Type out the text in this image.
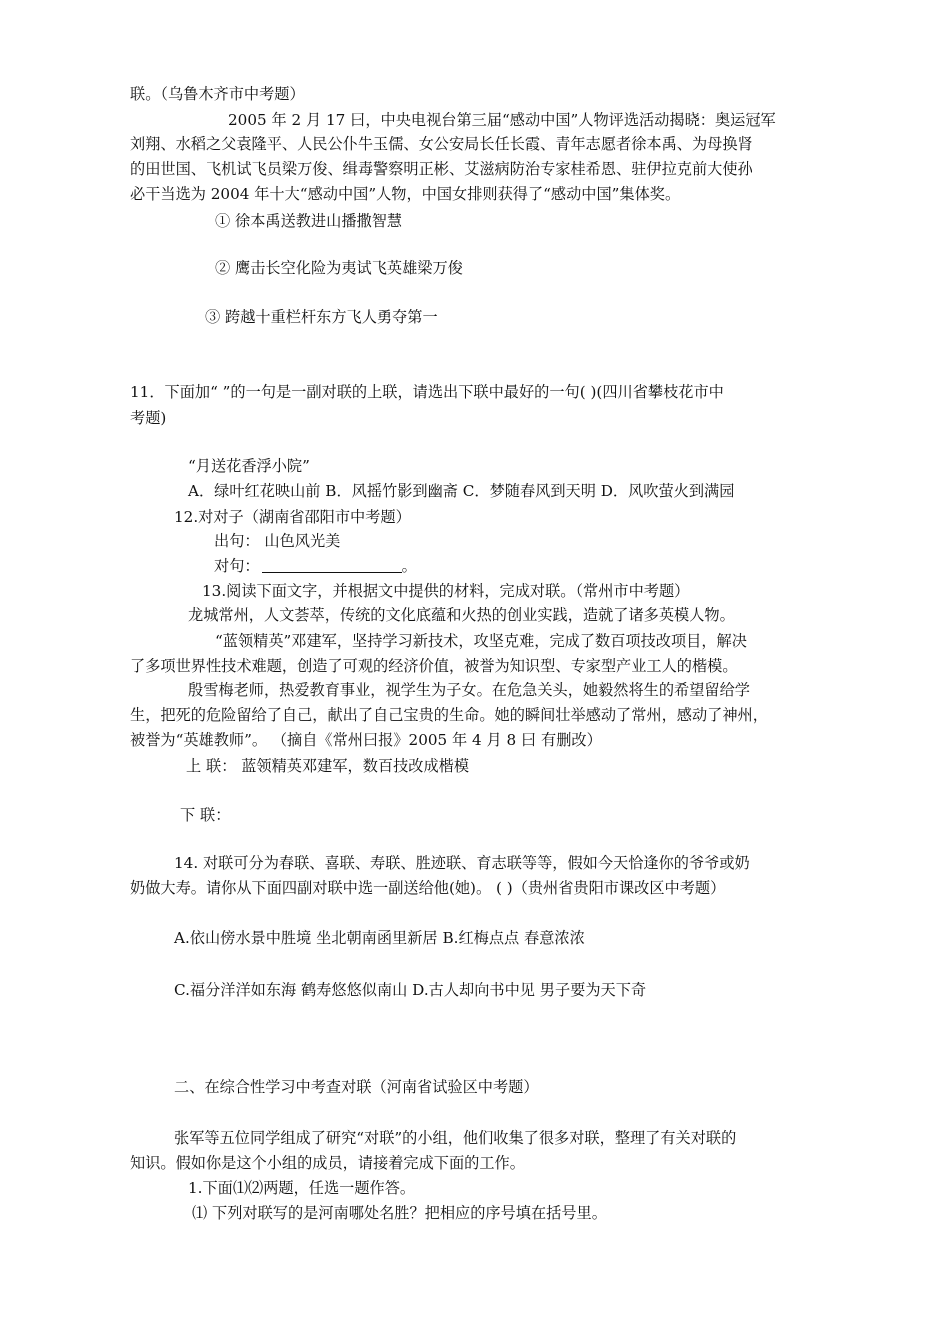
联。（乌鲁木齐市中考题）
2005 年 2 月 17 曰，中央电视台第三届“感动中国”人物评选活动揭晓：奥运冠军
刘翔、水稻之父袁隆平、人民公仆牛玉儒、女公安局长任长霞、青年志愿者徐本禹、为母换肾
的田世国、飞机试飞员梁万俊、缉毒警察明正彬、艾滋病防治专家桂希恩、驻伊拉克前大使孙
必干当选为 2004 年十大“感动中国”人物，中国女排则获得了“感动中国”集体奖。
① 徐本禹送教进山播撒智慧
② 鹰击长空化险为夷试飞英雄梁万俊
③ 跨越十重栏杆东方飞人勇夺第一
11．下面加“ ”的一句是一副对联的上联，请选出下联中最好的一句( )(四川省攀枝花市中
考题)
“月送花香浮小院”
A．绿叶红花映山前 B．风摇竹影到幽斋 C．梦随春风到天明 D．风吹萤火到满园
12.对对子（湖南省邵阳市中考题）
出句： 山色风光美
对句：	。
13.阅读下面文字，并根据文中提供的材料，完成对联。（常州市中考题）
龙城常州，人文荟萃，传统的文化底蕴和火热的创业实践，造就了诸多英模人物。
“蓝领精英”邓建军，坚持学习新技术，攻坚克难，完成了数百项技改项目，解决
了多项世界性技术难题，创造了可观的经济价值，被誉为知识型、专家型产业工人的楷模。
殷雪梅老师，热爱教育事业，视学生为子女。在危急关头，她毅然将生的希望留给学
生，把死的危险留给了自己，献出了自己宝贵的生命。她的瞬间壮举感动了常州，感动了神州，
被誉为“英雄教师”。 （摘自《常州曰报》2005 年 4 月 8 曰 有删改）
上 联： 蓝领精英邓建军，数百技改成楷模
下 联：
14. 对联可分为春联、喜联、寿联、胜迹联、育志联等等，假如今天恰逢你的爷爷或奶
奶做大寿。请你从下面四副对联中选一副送给他(她)。 ( )（贵州省贵阳市课改区中考题）
A.依山傍水景中胜境 坐北朝南函里新居 B.红梅点点 春意浓浓
C.福分洋洋如东海 鹤寿悠悠似南山 D.古人却向书中见 男子要为天下奇
二、在综合性学习中考查对联（河南省试验区中考题）
张军等五位同学组成了研究“对联”的小组，他们收集了很多对联，整理了有关对联的
知识。假如你是这个小组的成员，请接着完成下面的工作。
1.下面⑴⑵两题，任选一题作答。
⑴ 下列对联写的是河南哪处名胜？把相应的序号填在括号里。
